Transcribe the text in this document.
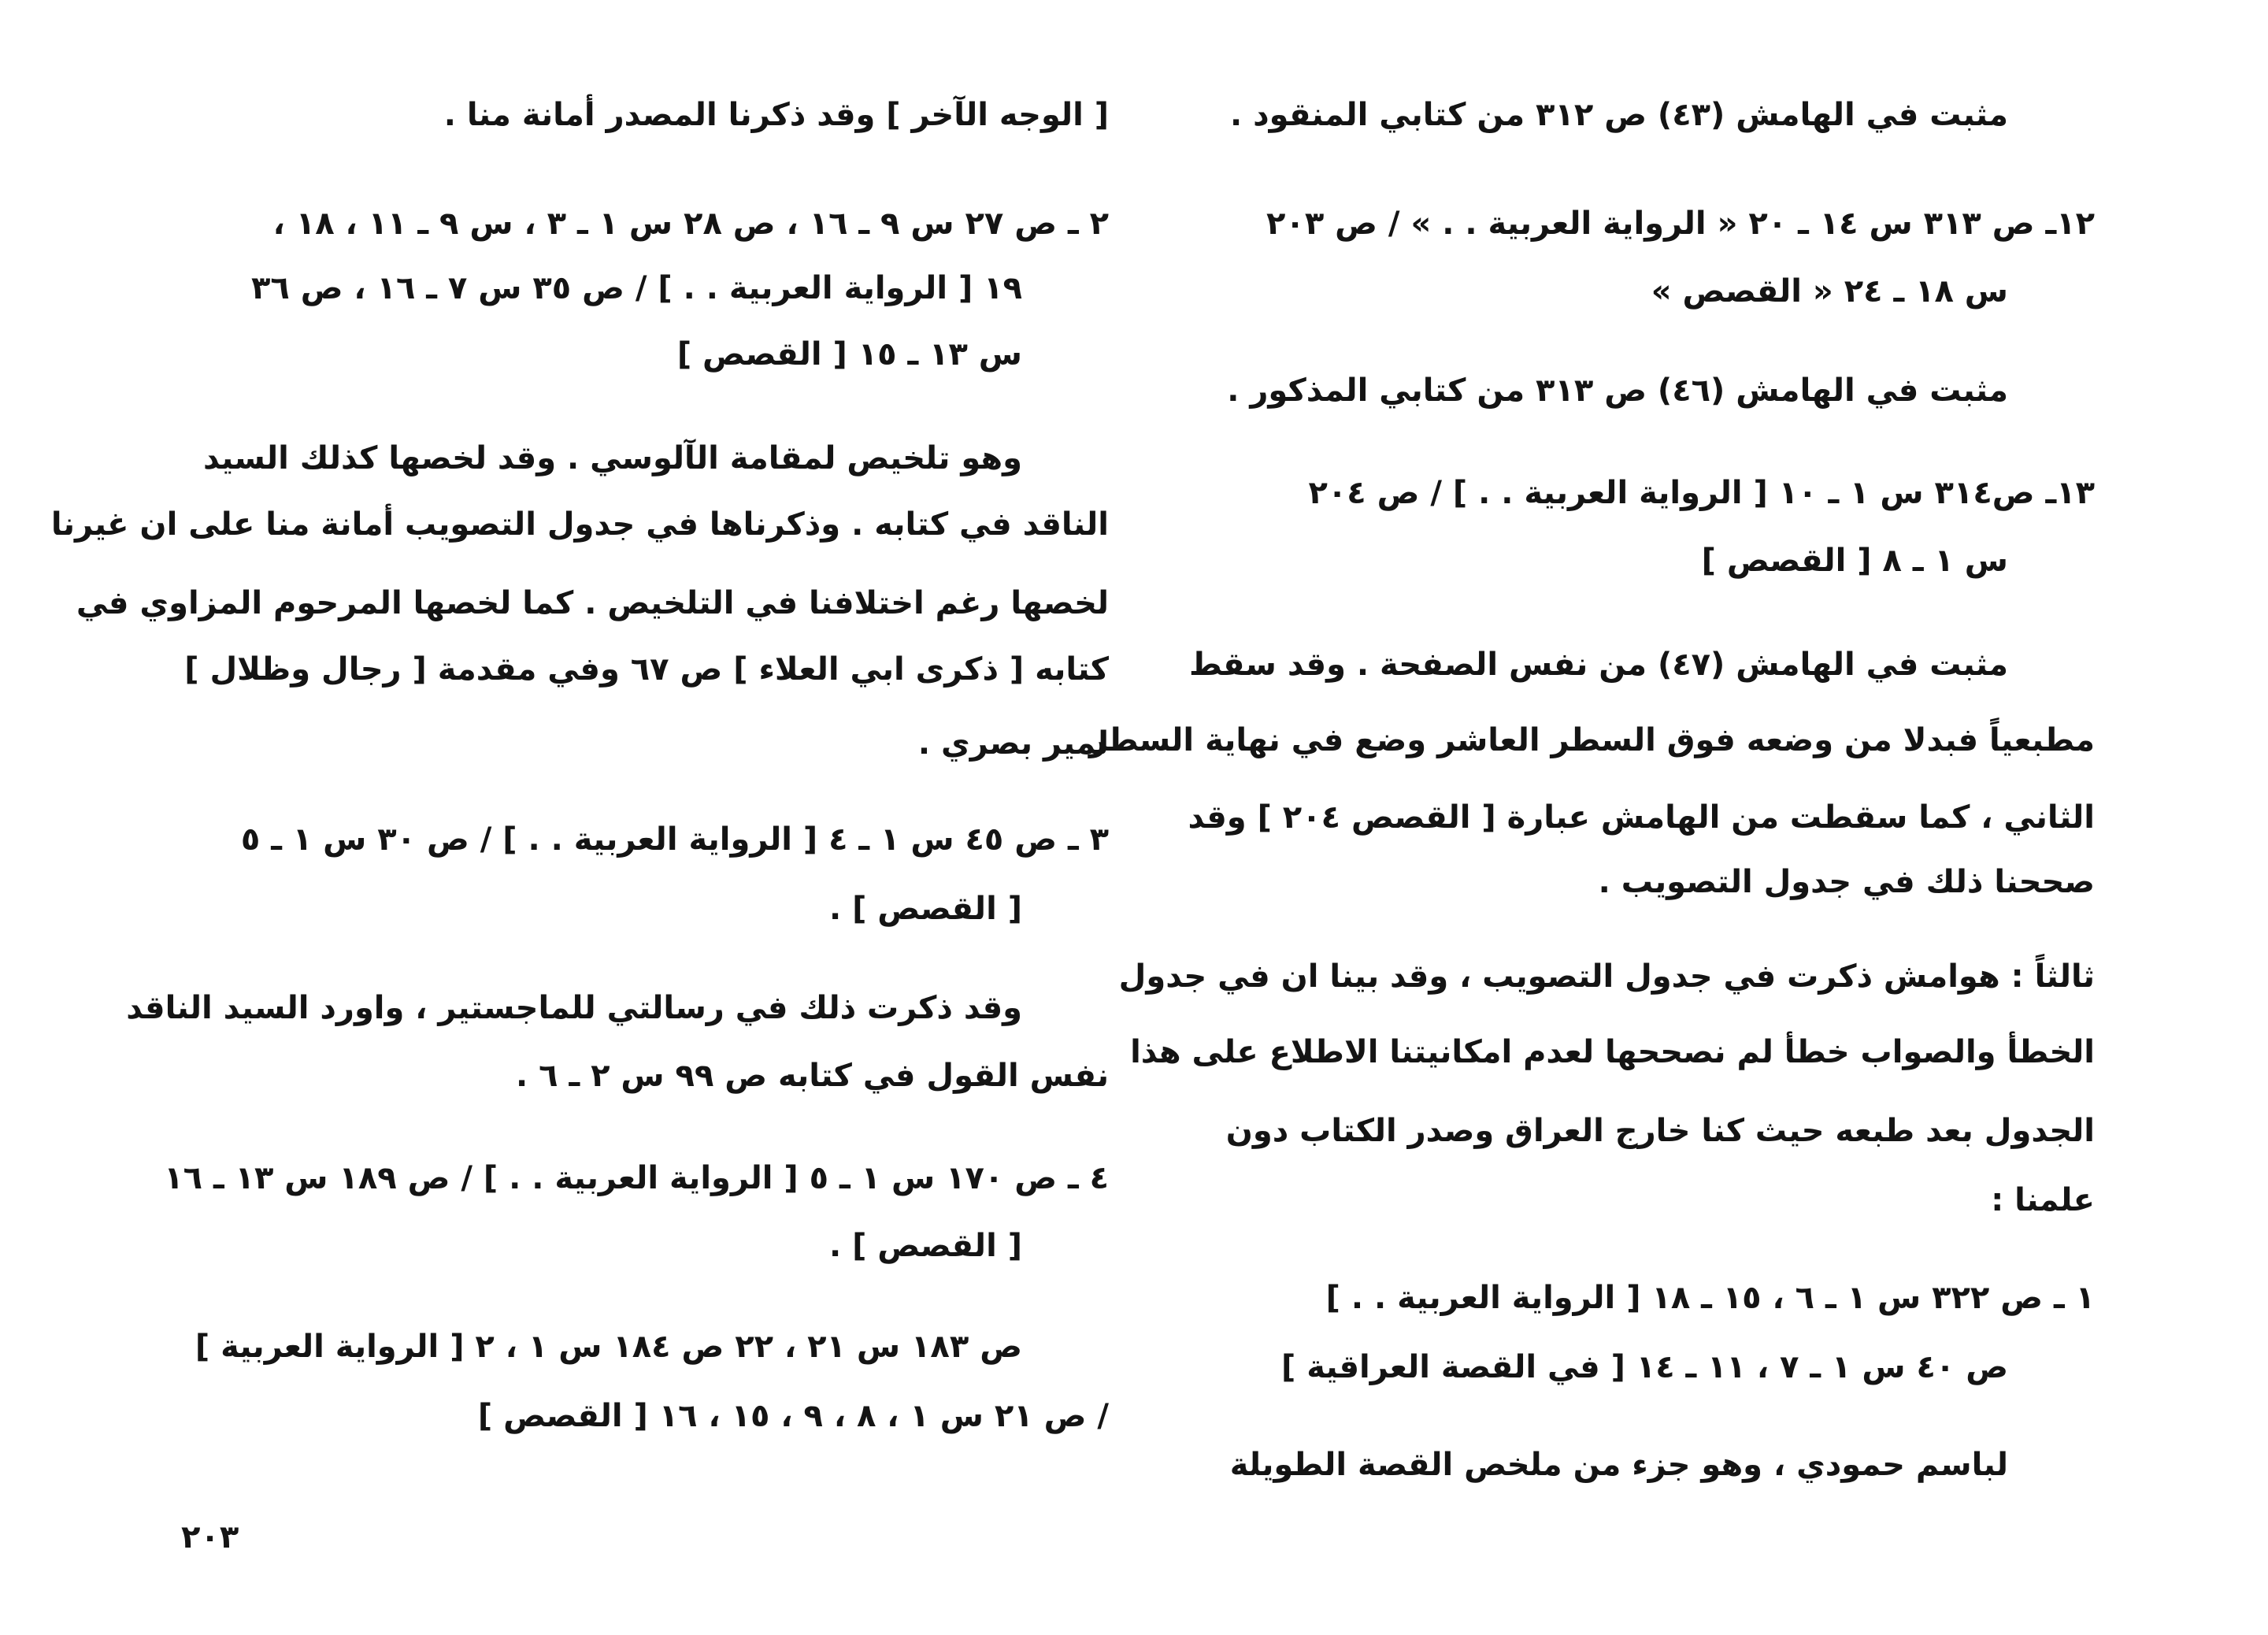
مثبت في الهامش (٤٣) ص ٣١٢ من كتابي المنقود .
١٢ـ ص ٣١٣ س ١٤ ـ ٢٠ « الرواية العربية . . » / ص ٢٠٣
س ١٨ ـ ٢٤ « القصص »
مثبت في الهامش (٤٦) ص ٣١٣ من كتابي المذكور .
١٣ـ ص٣١٤ س ١ ـ ١٠ [ الرواية العربية . . ] / ص ٢٠٤
س ١ ـ ٨ [ القصص ]
مثبت في الهامش (٤٧) من نفس الصفحة . وقد سقط
مطبعياً فبدلا من وضعه فوق السطر العاشر وضع في نهاية السطر
الثاني ، كما سقطت من الهامش عبارة [ القصص ٢٠٤ ] وقد
صححنا ذلك في جدول التصويب .
ثالثاً : هوامش ذكرت في جدول التصويب ، وقد بينا ان في جدول
الخطأ والصواب خطأ لم نصححها لعدم امكانيتنا الاطلاع على هذا
الجدول بعد طبعه حيث كنا خارج العراق وصدر الكتاب دون
علمنا :
١ ـ ص ٣٢٢ س ١ ـ ٦ ، ١٥ ـ ١٨ [ الرواية العربية . . ]
ص ٤٠ س ١ ـ ٧ ، ١١ ـ ١٤ [ في القصة العراقية ]
لباسم حمودي ، وهو جزء من ملخص القصة الطويلة
[ الوجه الآخر ] وقد ذكرنا المصدر أمانة منا .
٢ ـ ص ٢٧ س ٩ ـ ١٦ ، ص ٢٨ س ١ ـ ٣ ، س ٩ ـ ١١ ، ١٨ ،
١٩ [ الرواية العربية . . ] / ص ٣٥ س ٧ ـ ١٦ ، ص ٣٦
س ١٣ ـ ١٥ [ القصص ]
وهو تلخيص لمقامة الآلوسي . وقد لخصها كذلك السيد
الناقد في كتابه . وذكرناها في جدول التصويب أمانة منا على ان غيرنا
لخصها رغم اختلافنا في التلخيص . كما لخصها المرحوم المزاوي في
كتابه [ ذكرى ابي العلاء ] ص ٦٧ وفي مقدمة [ رجال وظلال ]
لمير بصري .
٣ ـ ص ٤٥ س ١ ـ ٤ [ الرواية العربية . . ] / ص ٣٠ س ١ ـ ٥
[ القصص ] .
وقد ذكرت ذلك في رسالتي للماجستير ، واورد السيد الناقد
نفس القول في كتابه ص ٩٩ س ٢ ـ ٦ .
٤ ـ ص ١٧٠ س ١ ـ ٥ [ الرواية العربية . . ] / ص ١٨٩ س ١٣ ـ ١٦
[ القصص ] .
ص ١٨٣ س ٢١ ، ٢٢ ص ١٨٤ س ١ ، ٢ [ الرواية العربية ]
/ ص ٢١ س ١ ، ٨ ، ٩ ، ١٥ ، ١٦ [ القصص ]
٢٠٣
